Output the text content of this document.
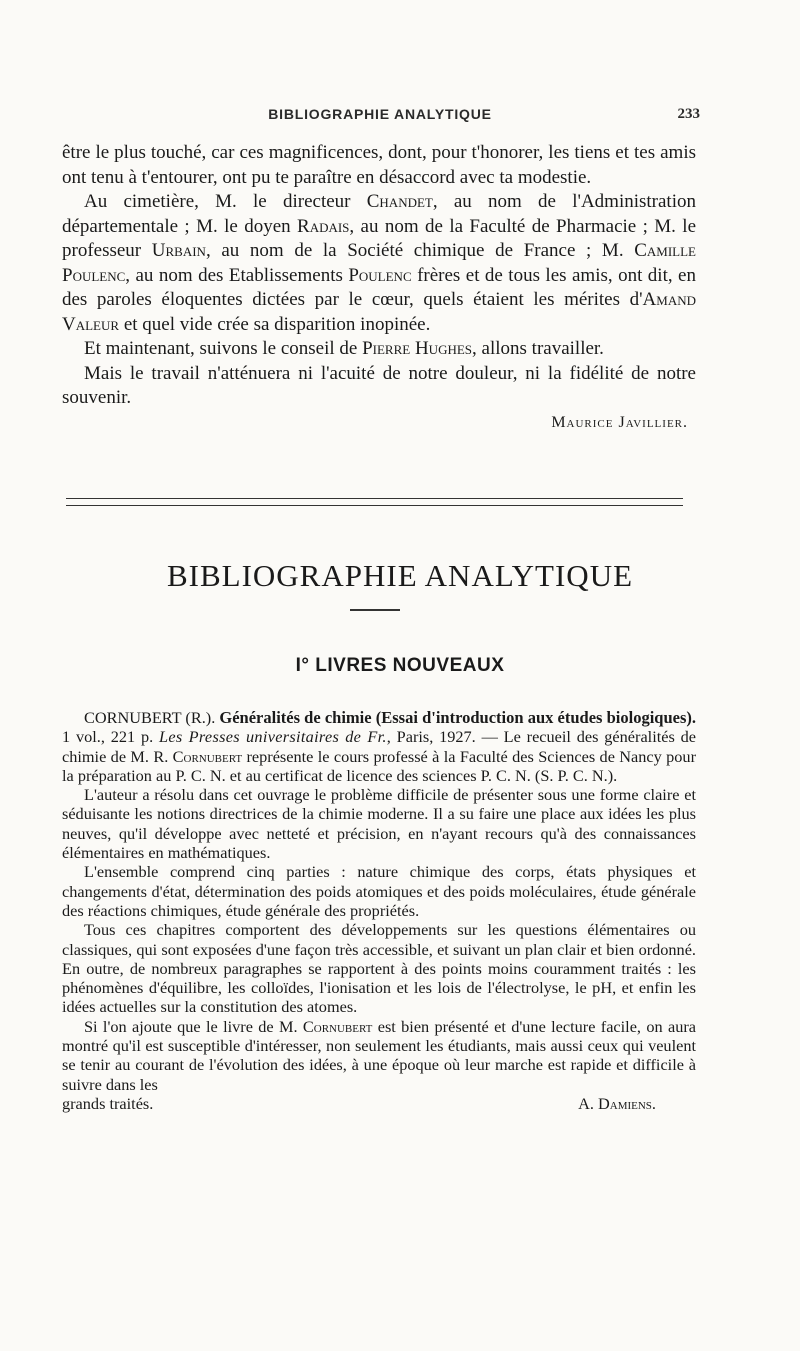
BIBLIOGRAPHIE ANALYTIQUE	233

être le plus touché, car ces magnificences, dont, pour t'honorer, les tiens et tes amis ont tenu à t'entourer, ont pu te paraître en désaccord avec ta modestie.

Au cimetière, M. le directeur Chandet, au nom de l'Administration départementale ; M. le doyen Radais, au nom de la Faculté de Pharmacie ; M. le professeur Urbain, au nom de la Société chimique de France ; M. Camille Poulenc, au nom des Etablissements Poulenc frères et de tous les amis, ont dit, en des paroles éloquentes dictées par le cœur, quels étaient les mérites d'Amand Valeur et quel vide crée sa disparition inopinée.

Et maintenant, suivons le conseil de Pierre Hughes, allons travailler.

Mais le travail n'atténuera ni l'acuité de notre douleur, ni la fidélité de notre souvenir.

Maurice Javillier.

BIBLIOGRAPHIE ANALYTIQUE
I° LIVRES NOUVEAUX

CORNUBERT (R.). Généralités de chimie (Essai d'introduction aux études biologiques). 1 vol., 221 p. Les Presses universitaires de Fr., Paris, 1927. — Le recueil des généralités de chimie de M. R. Cornubert représente le cours professé à la Faculté des Sciences de Nancy pour la préparation au P. C. N. et au certificat de licence des sciences P. C. N. (S. P. C. N.).

L'auteur a résolu dans cet ouvrage le problème difficile de présenter sous une forme claire et séduisante les notions directrices de la chimie moderne. Il a su faire une place aux idées les plus neuves, qu'il développe avec netteté et précision, en n'ayant recours qu'à des connaissances élémentaires en mathématiques.

L'ensemble comprend cinq parties : nature chimique des corps, états physiques et changements d'état, détermination des poids atomiques et des poids moléculaires, étude générale des réactions chimiques, étude générale des propriétés.

Tous ces chapitres comportent des développements sur les questions élémentaires ou classiques, qui sont exposées d'une façon très accessible, et suivant un plan clair et bien ordonné. En outre, de nombreux paragraphes se rapportent à des points moins couramment traités : les phénomènes d'équilibre, les colloïdes, l'ionisation et les lois de l'électrolyse, le pH, et enfin les idées actuelles sur la constitution des atomes.

Si l'on ajoute que le livre de M. Cornubert est bien présenté et d'une lecture facile, on aura montré qu'il est susceptible d'intéresser, non seulement les étudiants, mais aussi ceux qui veulent se tenir au courant de l'évolution des idées, à une époque où leur marche est rapide et difficile à suivre dans les

grands traités.	A. Damiens.
